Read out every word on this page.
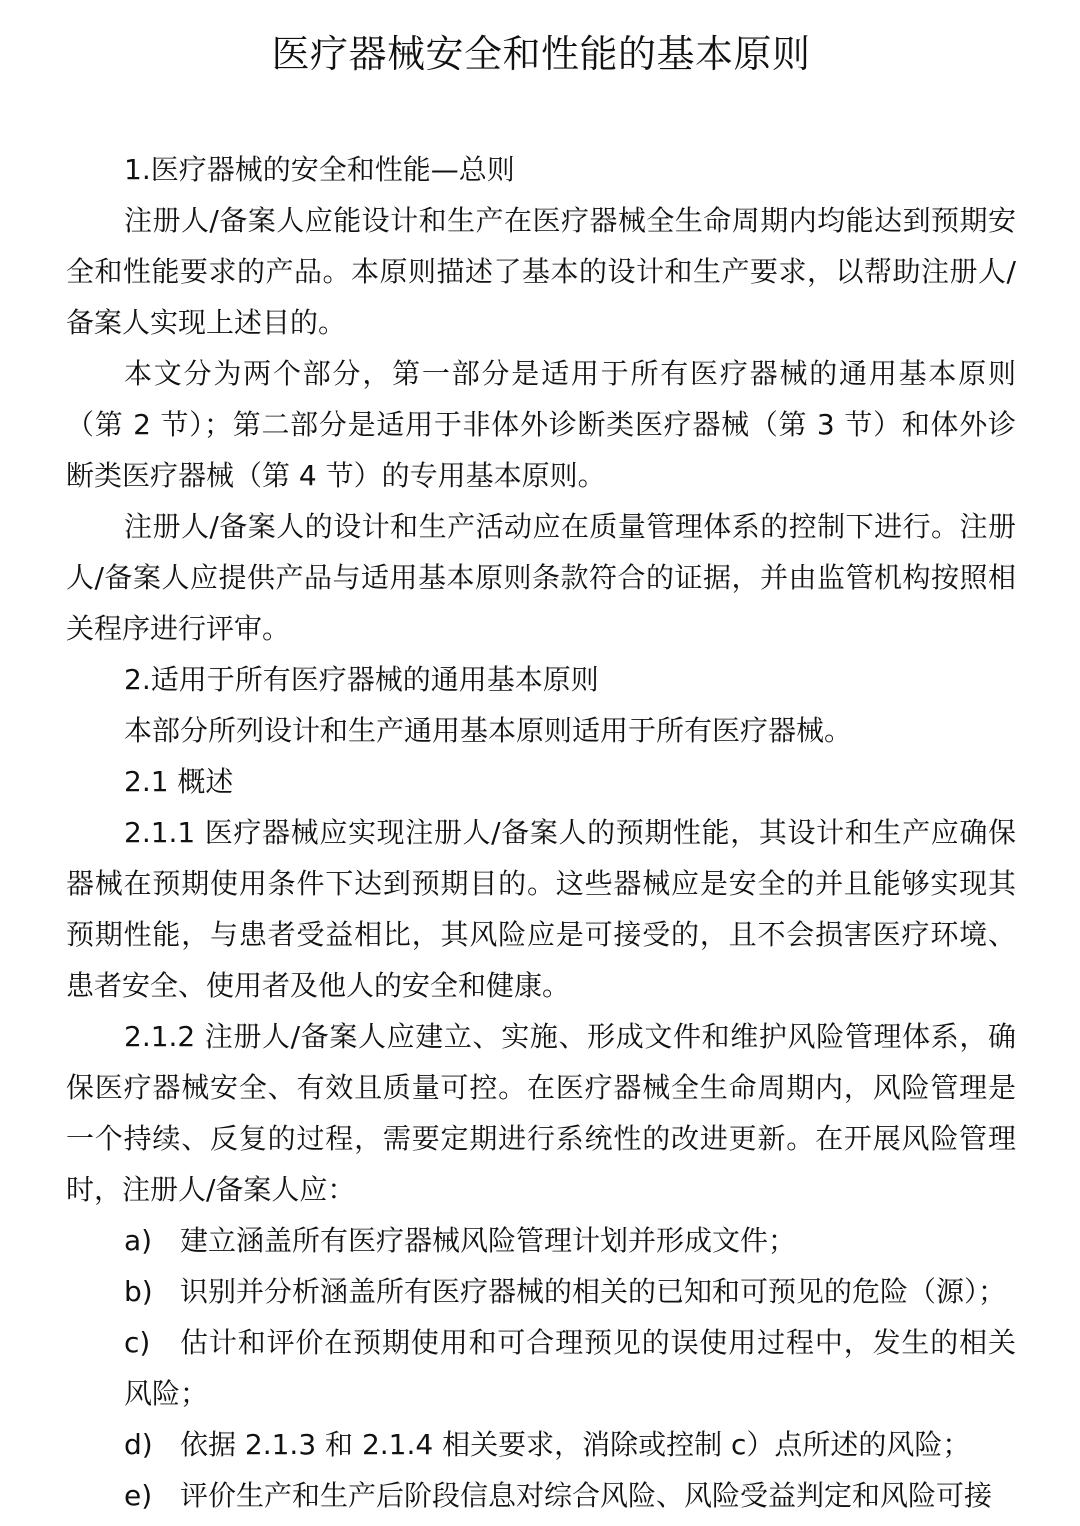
医疗器械安全和性能的基本原则

1.医疗器械的安全和性能—总则

注册人/备案人应能设计和生产在医疗器械全生命周期内均能达到预期安全和性能要求的产品。本原则描述了基本的设计和生产要求，以帮助注册人/备案人实现上述目的。

本文分为两个部分，第一部分是适用于所有医疗器械的通用基本原则（第 2 节）；第二部分是适用于非体外诊断类医疗器械（第 3 节）和体外诊断类医疗器械（第 4 节）的专用基本原则。

注册人/备案人的设计和生产活动应在质量管理体系的控制下进行。注册人/备案人应提供产品与适用基本原则条款符合的证据，并由监管机构按照相关程序进行评审。

2.适用于所有医疗器械的通用基本原则

本部分所列设计和生产通用基本原则适用于所有医疗器械。

2.1 概述

2.1.1 医疗器械应实现注册人/备案人的预期性能，其设计和生产应确保器械在预期使用条件下达到预期目的。这些器械应是安全的并且能够实现其预期性能，与患者受益相比，其风险应是可接受的，且不会损害医疗环境、患者安全、使用者及他人的安全和健康。

2.1.2 注册人/备案人应建立、实施、形成文件和维护风险管理体系，确保医疗器械安全、有效且质量可控。在医疗器械全生命周期内，风险管理是一个持续、反复的过程，需要定期进行系统性的改进更新。在开展风险管理时，注册人/备案人应：

a) 建立涵盖所有医疗器械风险管理计划并形成文件；

b) 识别并分析涵盖所有医疗器械的相关的已知和可预见的危险（源）；

c)	估计和评价在预期使用和可合理预见的误使用过程中，发生的相关风险；

d) 依据 2.1.3 和 2.1.4 相关要求，消除或控制 c）点所述的风险；

e) 评价生产和生产后阶段信息对综合风险、风险受益判定和风险可接
